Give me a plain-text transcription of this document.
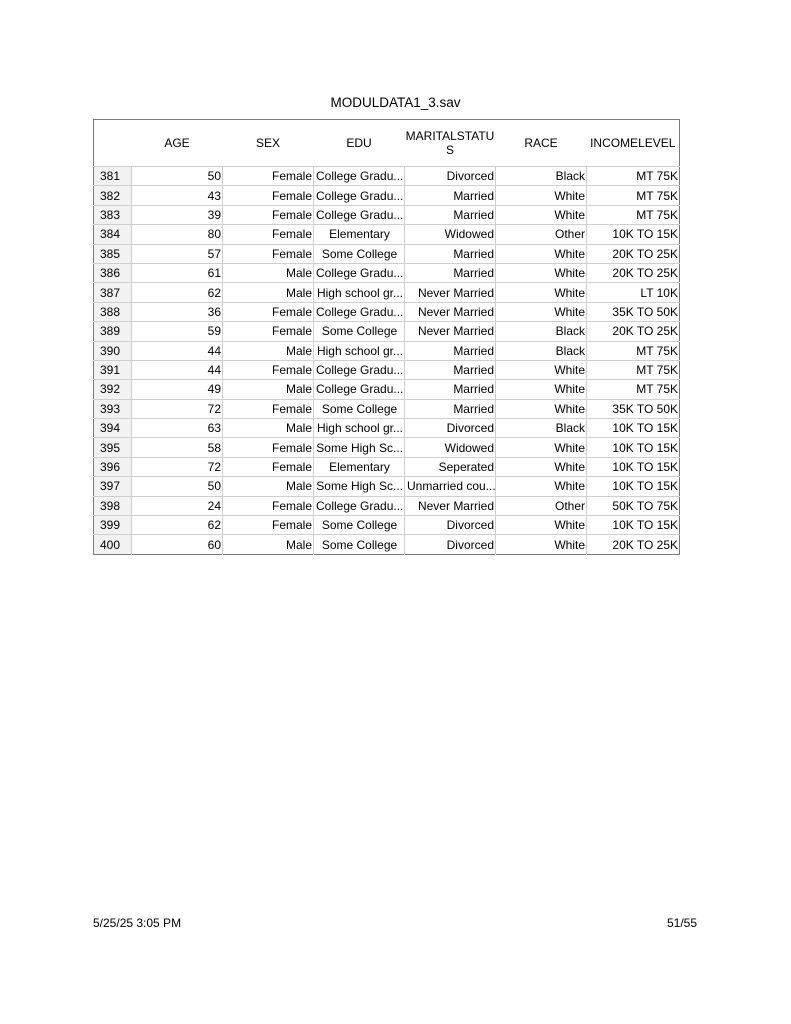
MODULDATA1_3.sav
	AGE	SEX	EDU	MARITALSTATUS	RACE	INCOMELEVEL
381	50	Female	College Gradu...	Divorced	Black	MT 75K
382	43	Female	College Gradu...	Married	White	MT 75K
383	39	Female	College Gradu...	Married	White	MT 75K
384	80	Female	Elementary	Widowed	Other	10K TO 15K
385	57	Female	Some College	Married	White	20K TO 25K
386	61	Male	College Gradu...	Married	White	20K TO 25K
387	62	Male	High school gr...	Never Married	White	LT 10K
388	36	Female	College Gradu...	Never Married	White	35K TO 50K
389	59	Female	Some College	Never Married	Black	20K TO 25K
390	44	Male	High school gr...	Married	Black	MT 75K
391	44	Female	College Gradu...	Married	White	MT 75K
392	49	Male	College Gradu...	Married	White	MT 75K
393	72	Female	Some College	Married	White	35K TO 50K
394	63	Male	High school gr...	Divorced	Black	10K TO 15K
395	58	Female	Some High Sc...	Widowed	White	10K TO 15K
396	72	Female	Elementary	Seperated	White	10K TO 15K
397	50	Male	Some High Sc...	Unmarried cou...	White	10K TO 15K
398	24	Female	College Gradu...	Never Married	Other	50K TO 75K
399	62	Female	Some College	Divorced	White	10K TO 15K
400	60	Male	Some College	Divorced	White	20K TO 25K
5/25/25 3:05 PM	51/55
